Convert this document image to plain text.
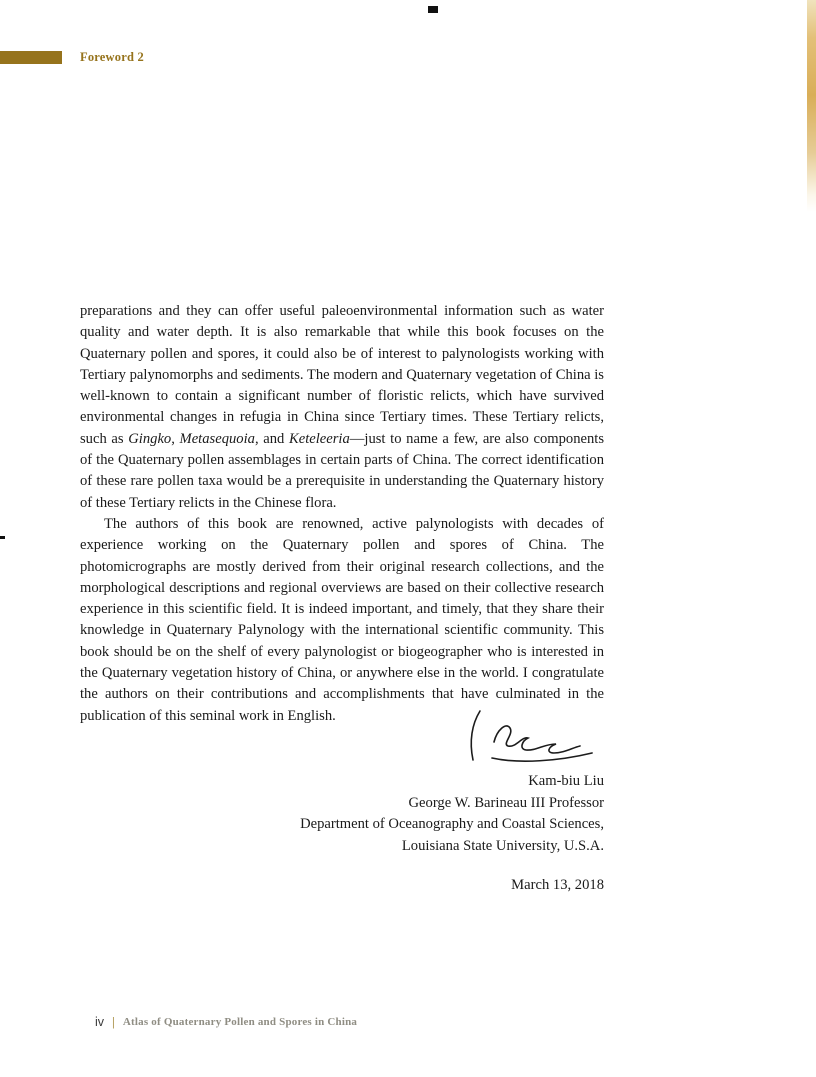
Foreword 2

preparations and they can offer useful paleoenvironmental information such as water quality and water depth. It is also remarkable that while this book focuses on the Quaternary pollen and spores, it could also be of interest to palynologists working with Tertiary palynomorphs and sediments. The modern and Quaternary vegetation of China is well-known to contain a significant number of floristic relicts, which have survived environmental changes in refugia in China since Tertiary times. These Tertiary relicts, such as Gingko, Metasequoia, and Keteleeria—just to name a few, are also components of the Quaternary pollen assemblages in certain parts of China. The correct identification of these rare pollen taxa would be a prerequisite in understanding the Quaternary history of these Tertiary relicts in the Chinese flora.

The authors of this book are renowned, active palynologists with decades of experience working on the Quaternary pollen and spores of China. The photomicrographs are mostly derived from their original research collections, and the morphological descriptions and regional overviews are based on their collective research experience in this scientific field. It is indeed important, and timely, that they share their knowledge in Quaternary Palynology with the international scientific community. This book should be on the shelf of every palynologist or biogeographer who is interested in the Quaternary vegetation history of China, or anywhere else in the world. I congratulate the authors on their contributions and accomplishments that have culminated in the publication of this seminal work in English.

Kam-biu Liu
George W. Barineau III Professor
Department of Oceanography and Coastal Sciences,
Louisiana State University, U.S.A.
March 13, 2018
iv | Atlas of Quaternary Pollen and Spores in China
